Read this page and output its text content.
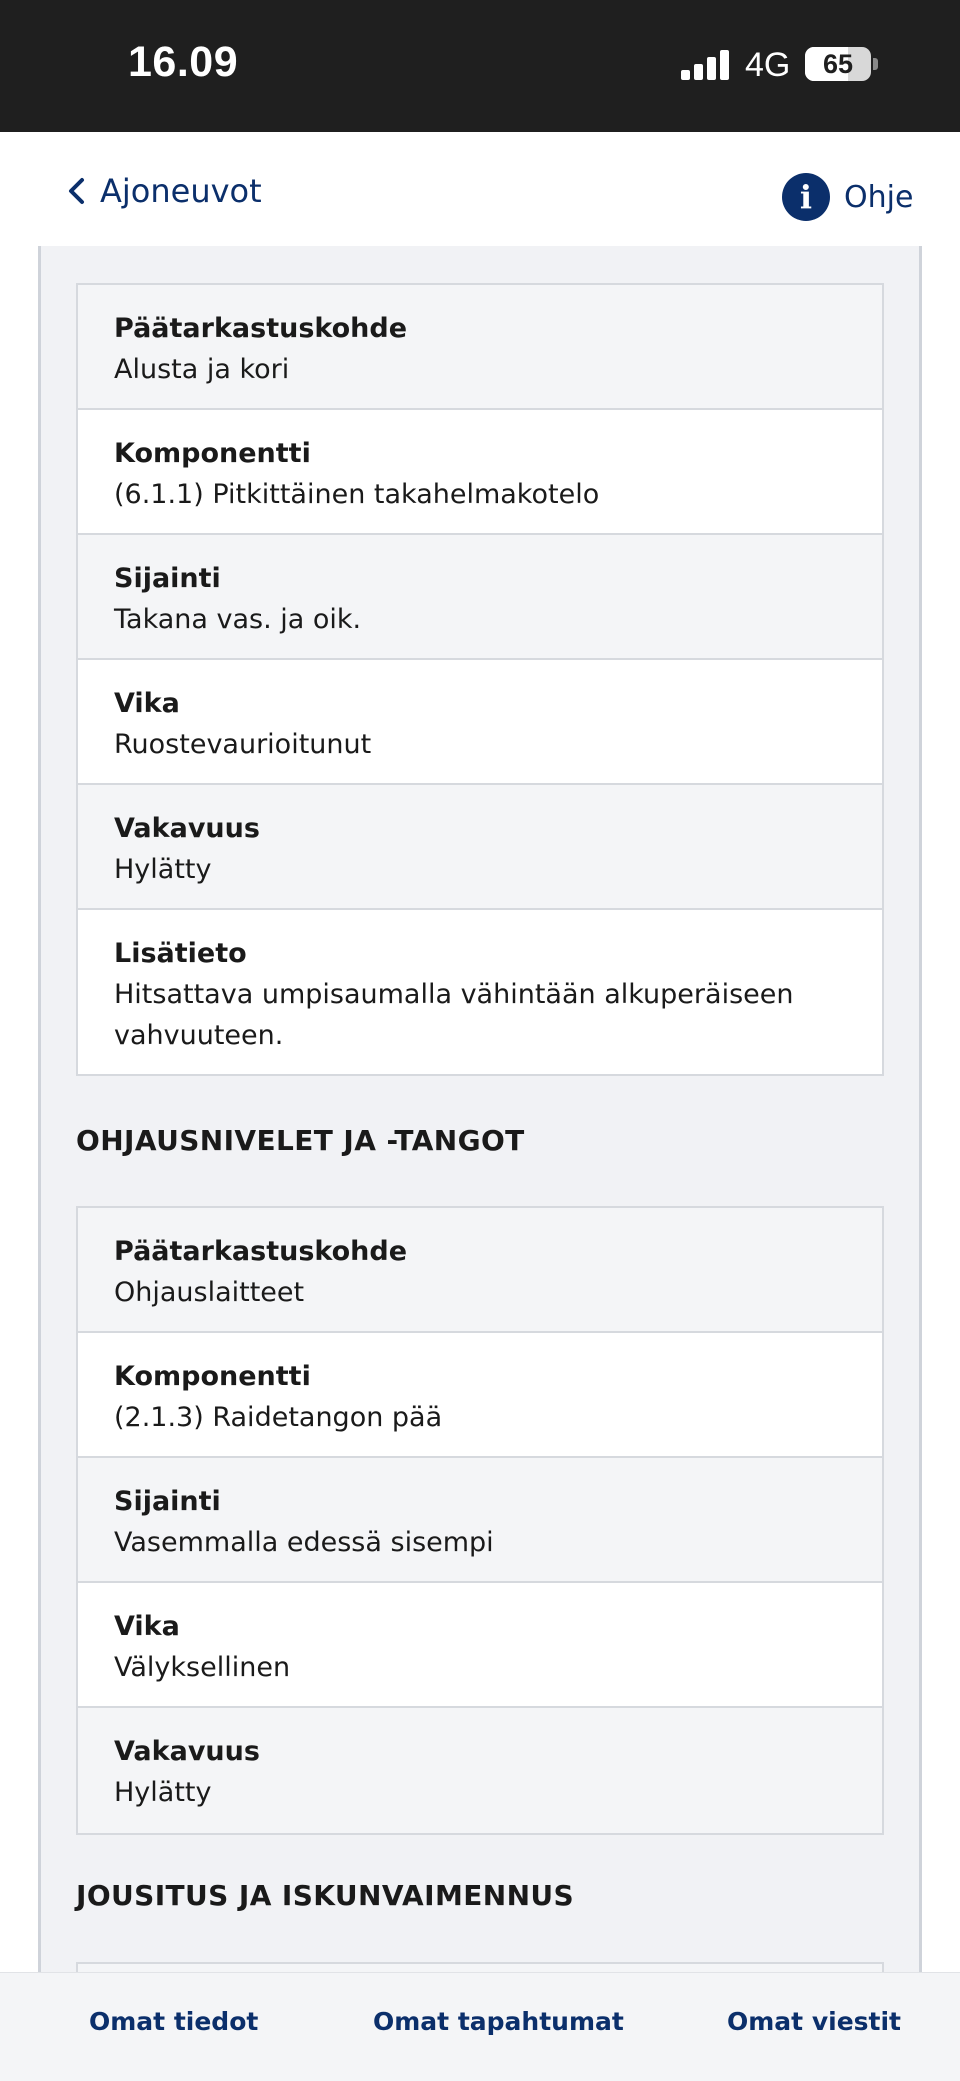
16.09	4G	65
Ajoneuvot	i	Ohje
Päätarkastuskohde
Alusta ja kori
Komponentti
(6.1.1) Pitkittäinen takahelmakotelo
Sijainti
Takana vas. ja oik.
Vika
Ruostevaurioitunut
Vakavuus
Hylätty
Lisätieto
Hitsattava umpisaumalla vähintään alkuperäiseen vahvuuteen.
OHJAUSNIVELET JA -TANGOT
Päätarkastuskohde
Ohjauslaitteet
Komponentti
(2.1.3) Raidetangon pää
Sijainti
Vasemmalla edessä sisempi
Vika
Välyksellinen
Vakavuus
Hylätty
JOUSITUS JA ISKUNVAIMENNUS
Omat tiedot	Omat tapahtumat	Omat viestit
